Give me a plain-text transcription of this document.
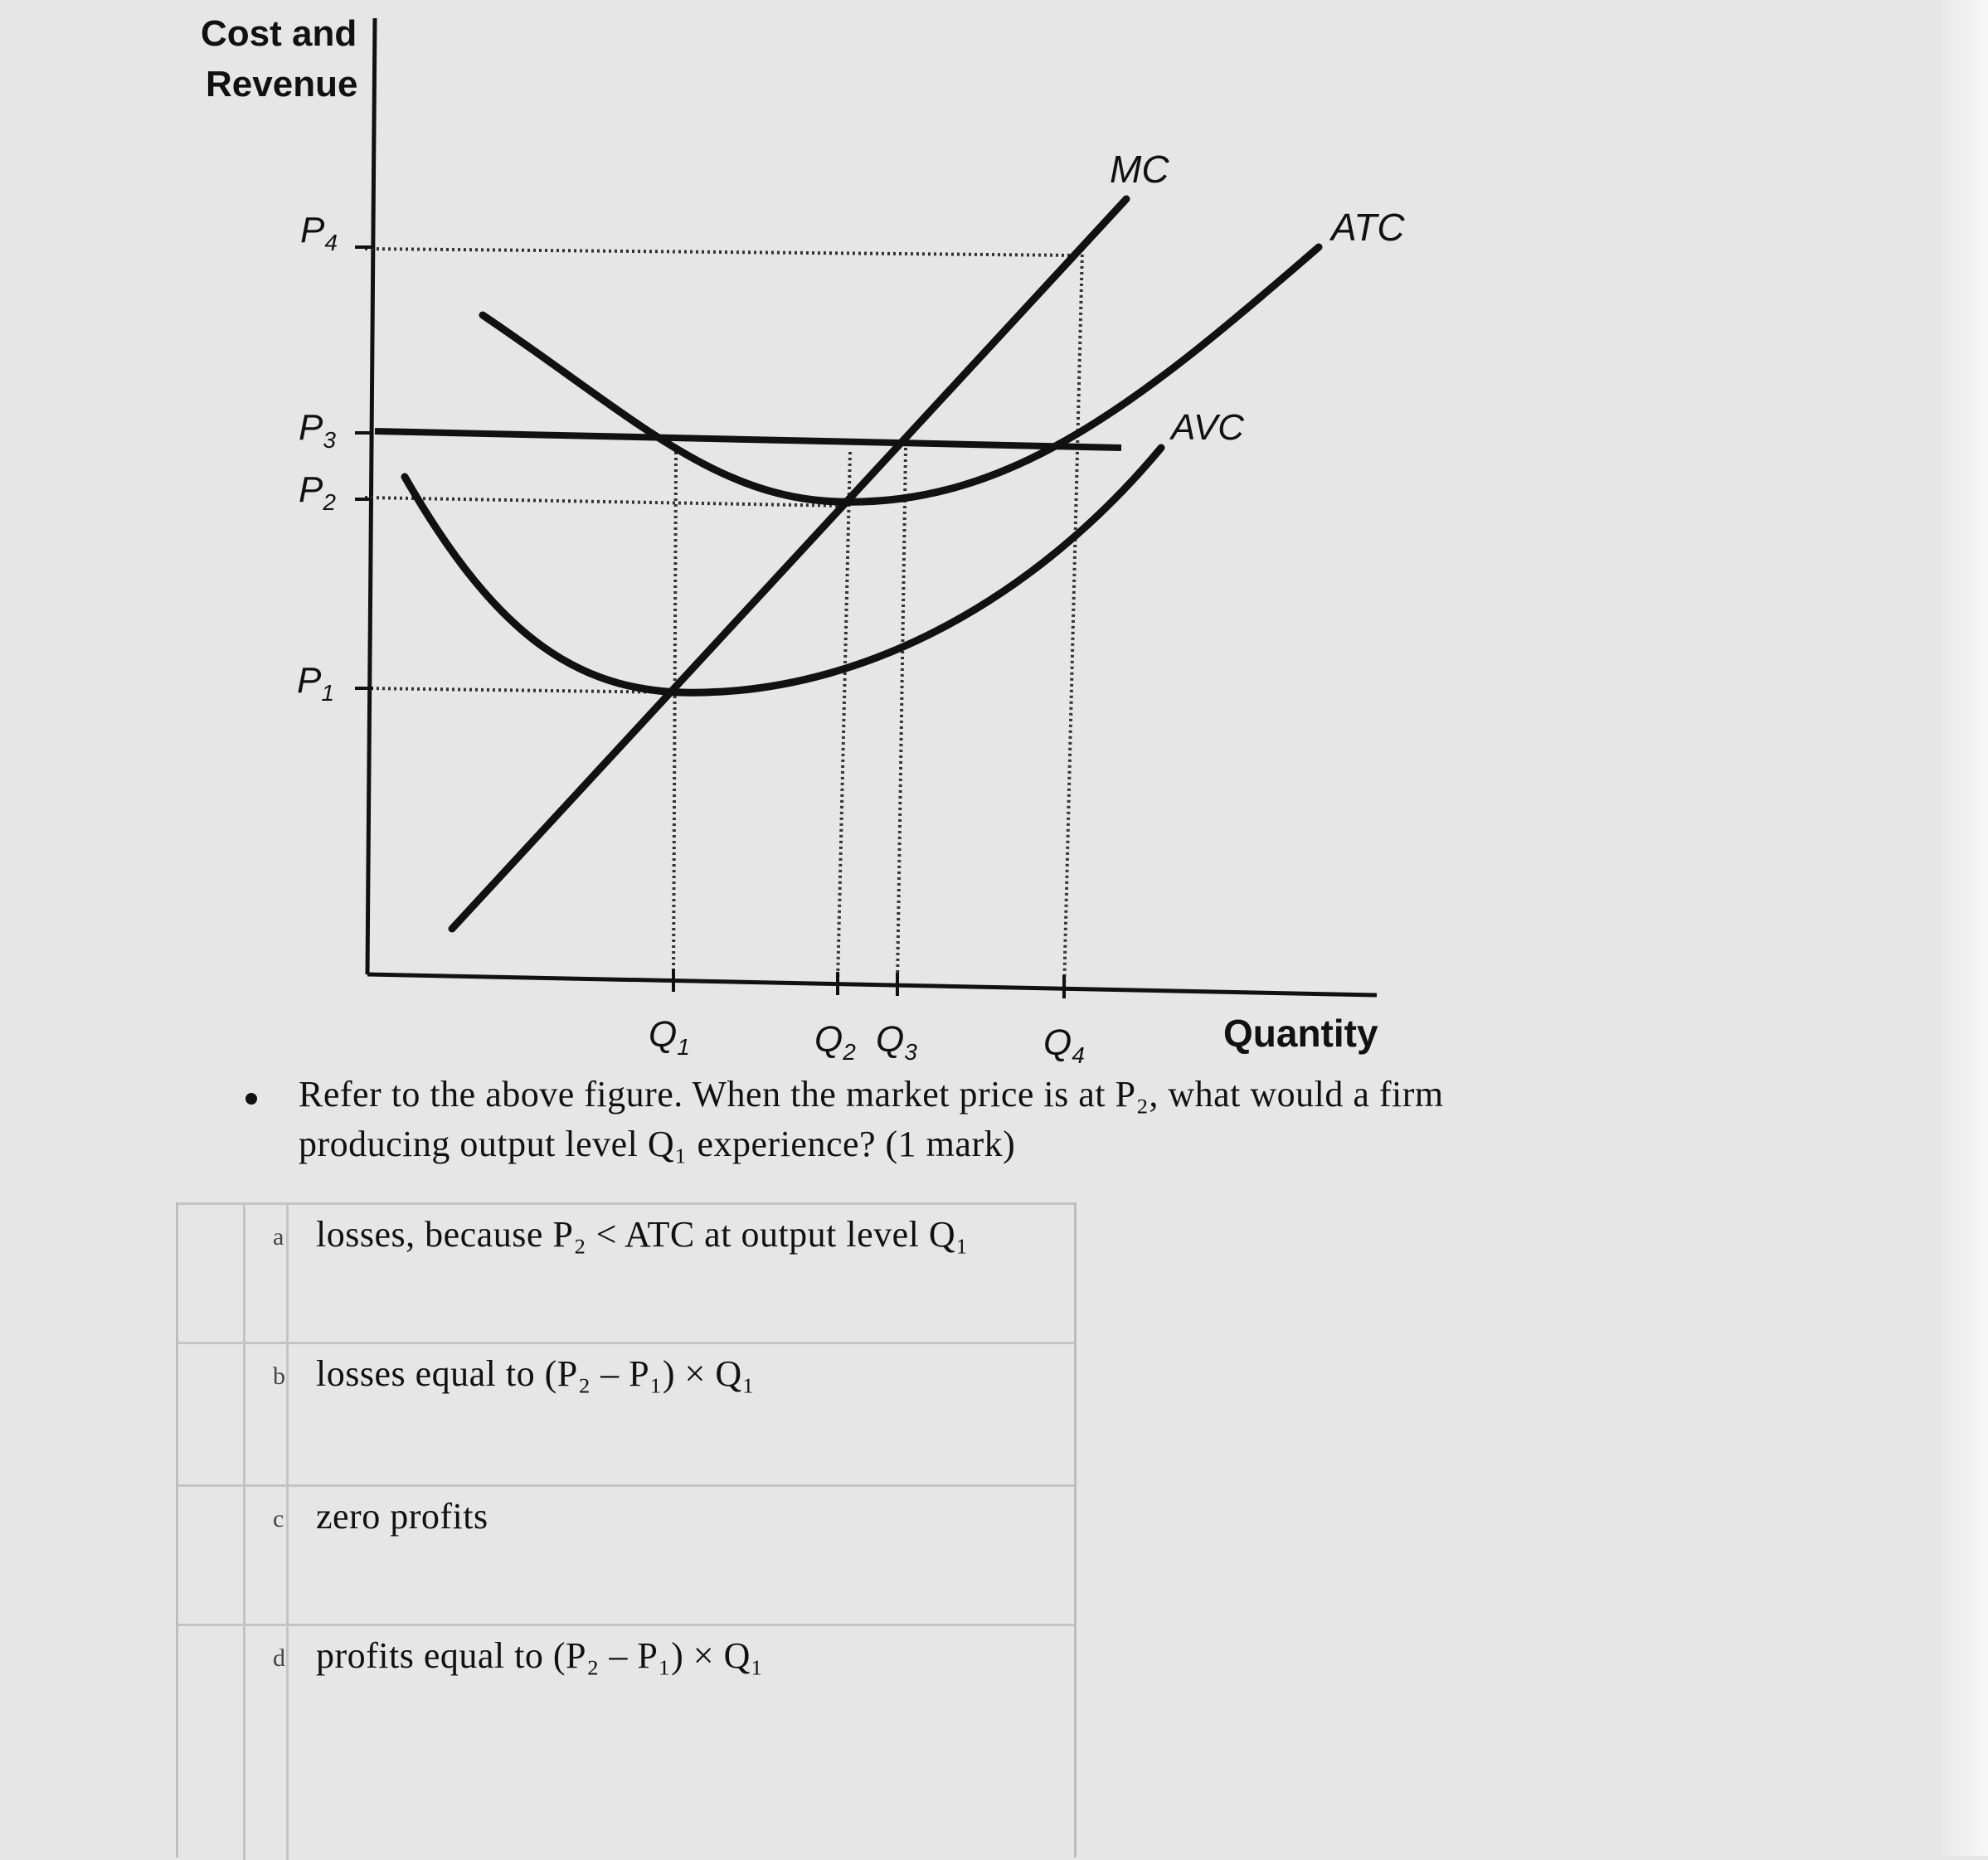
Cost and
Revenue
Quantity
MC
ATC
AVC
$P_4$
$P_3$
$P_2$
$P_1$
$Q_1$	$Q_2$ $Q_3$	$Q_4$
Refer to the above figure. When the market price is at P₂, what would a firm
producing output level Q₁ experience? (1 mark)
a losses, because P₂ < ATC at output level Q₁
b losses equal to (P₂ – P₁) × Q₁
c zero profits
d profits equal to (P₂ – P₁) × Q₁
